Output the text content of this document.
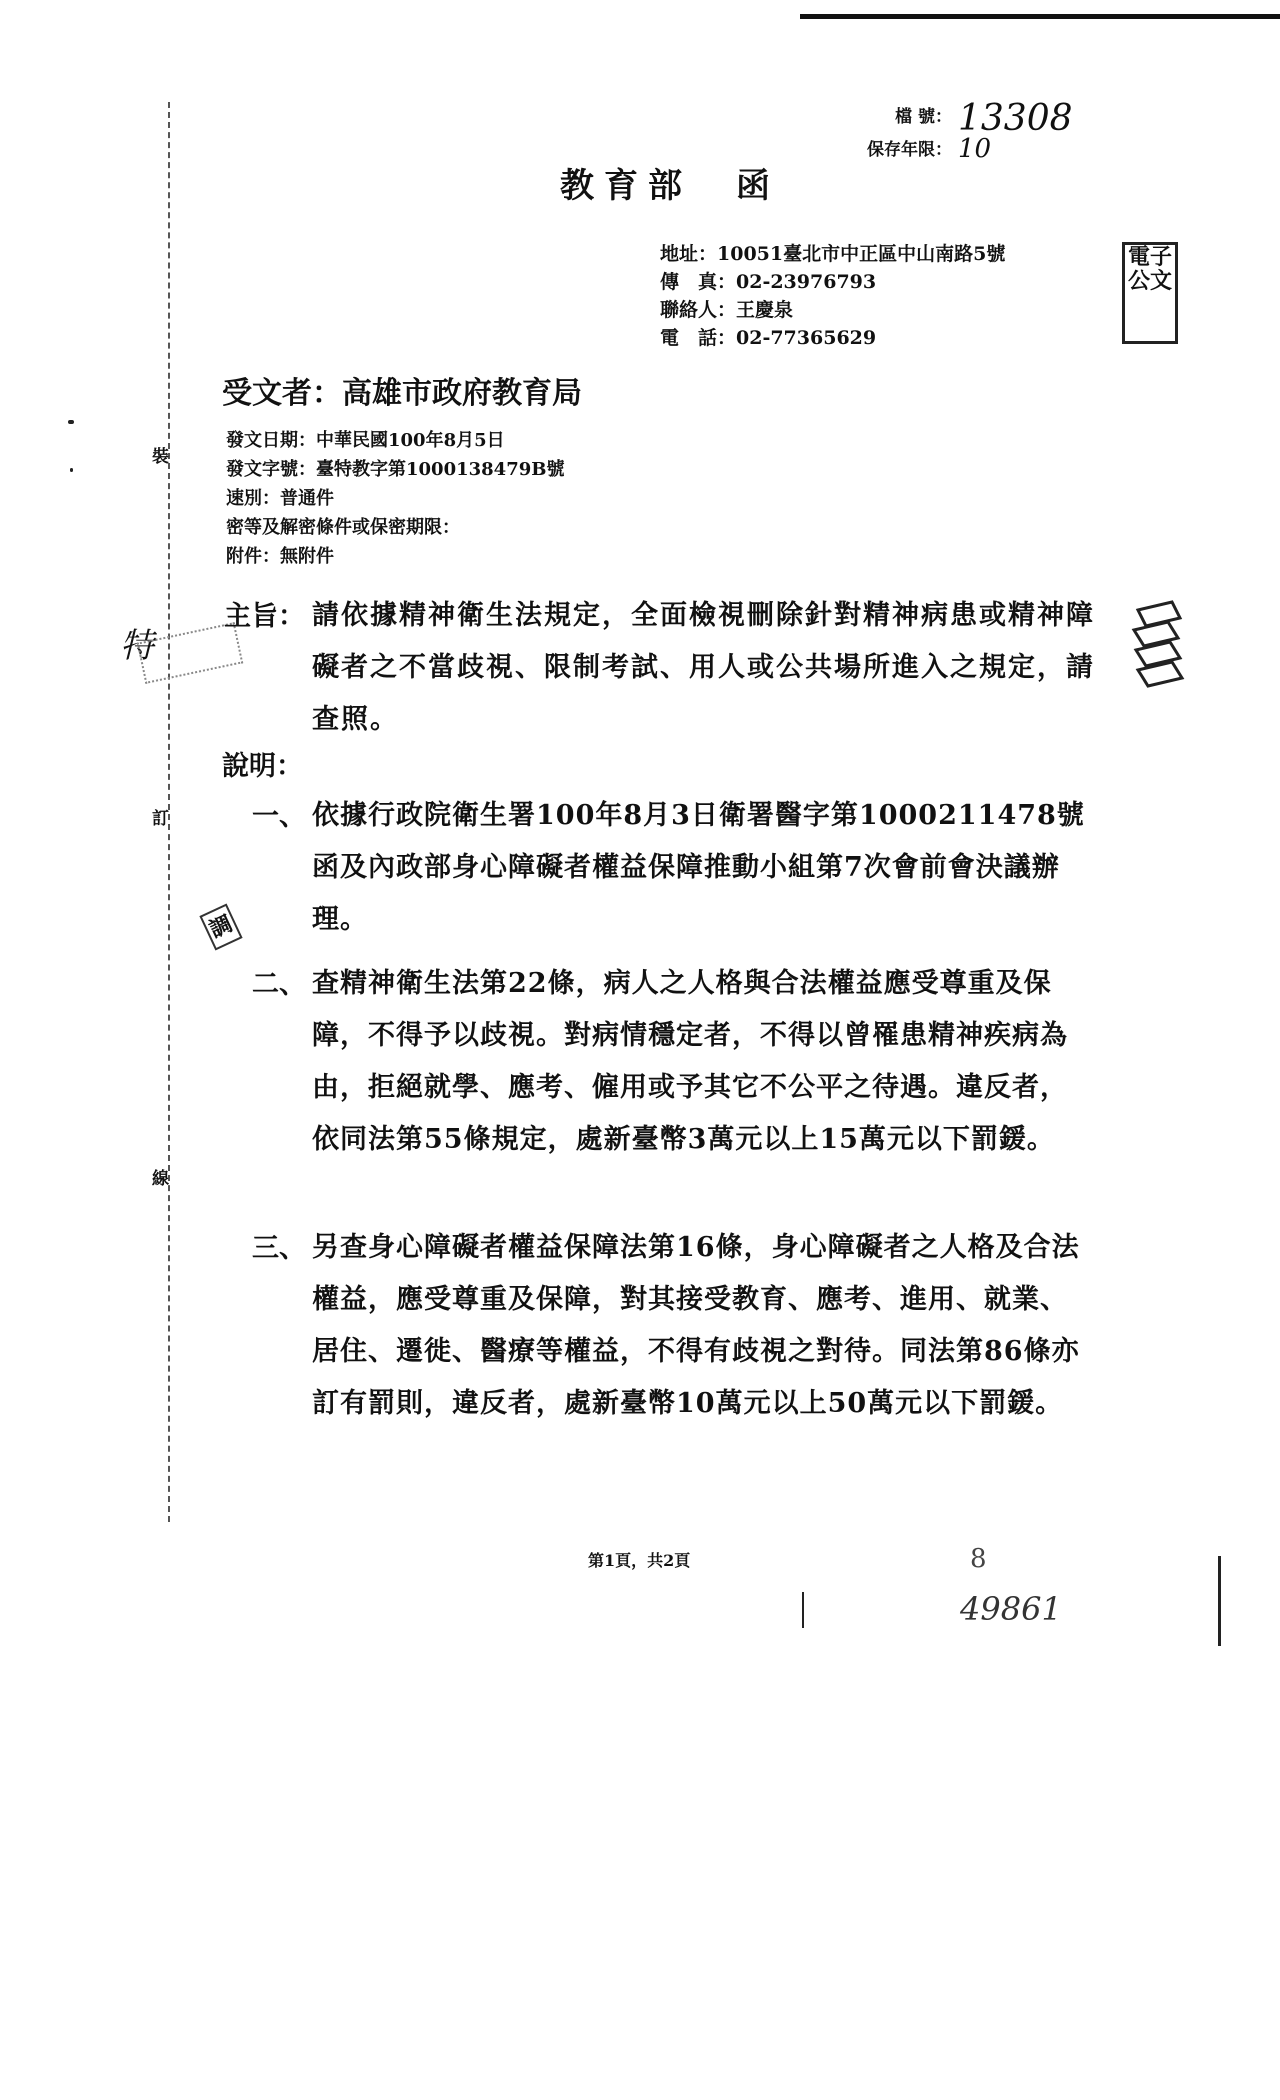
裝
訂
線
檔 號： 13308
保存年限： 10
教育部　函
電子公文
地址：10051臺北市中正區中山南路5號
傳　真：02-23976793
聯絡人：王慶泉
電　話：02-77365629
受文者：高雄市政府教育局
發文日期：中華民國100年8月5日
發文字號：臺特教字第1000138479B號
速別：普通件
密等及解密條件或保密期限：
附件：無附件
特
主旨： 請依據精神衛生法規定，全面檢視刪除針對精神病患或精神障礙者之不當歧視、限制考試、用人或公共場所進入之規定，請 查照。
說明：
一、 依據行政院衛生署100年8月3日衛署醫字第1000211478號函及內政部身心障礙者權益保障推動小組第7次會前會決議辦理。
調
二、 查精神衛生法第22條，病人之人格與合法權益應受尊重及保障，不得予以歧視。對病情穩定者，不得以曾罹患精神疾病為由，拒絕就學、應考、僱用或予其它不公平之待遇。違反者，依同法第55條規定，處新臺幣3萬元以上15萬元以下罰鍰。
三、 另查身心障礙者權益保障法第16條，身心障礙者之人格及合法權益，應受尊重及保障，對其接受教育、應考、進用、就業、居住、遷徙、醫療等權益，不得有歧視之對待。同法第86條亦訂有罰則，違反者，處新臺幣10萬元以上50萬元以下罰鍰。
第1頁，共2頁	8
49861
